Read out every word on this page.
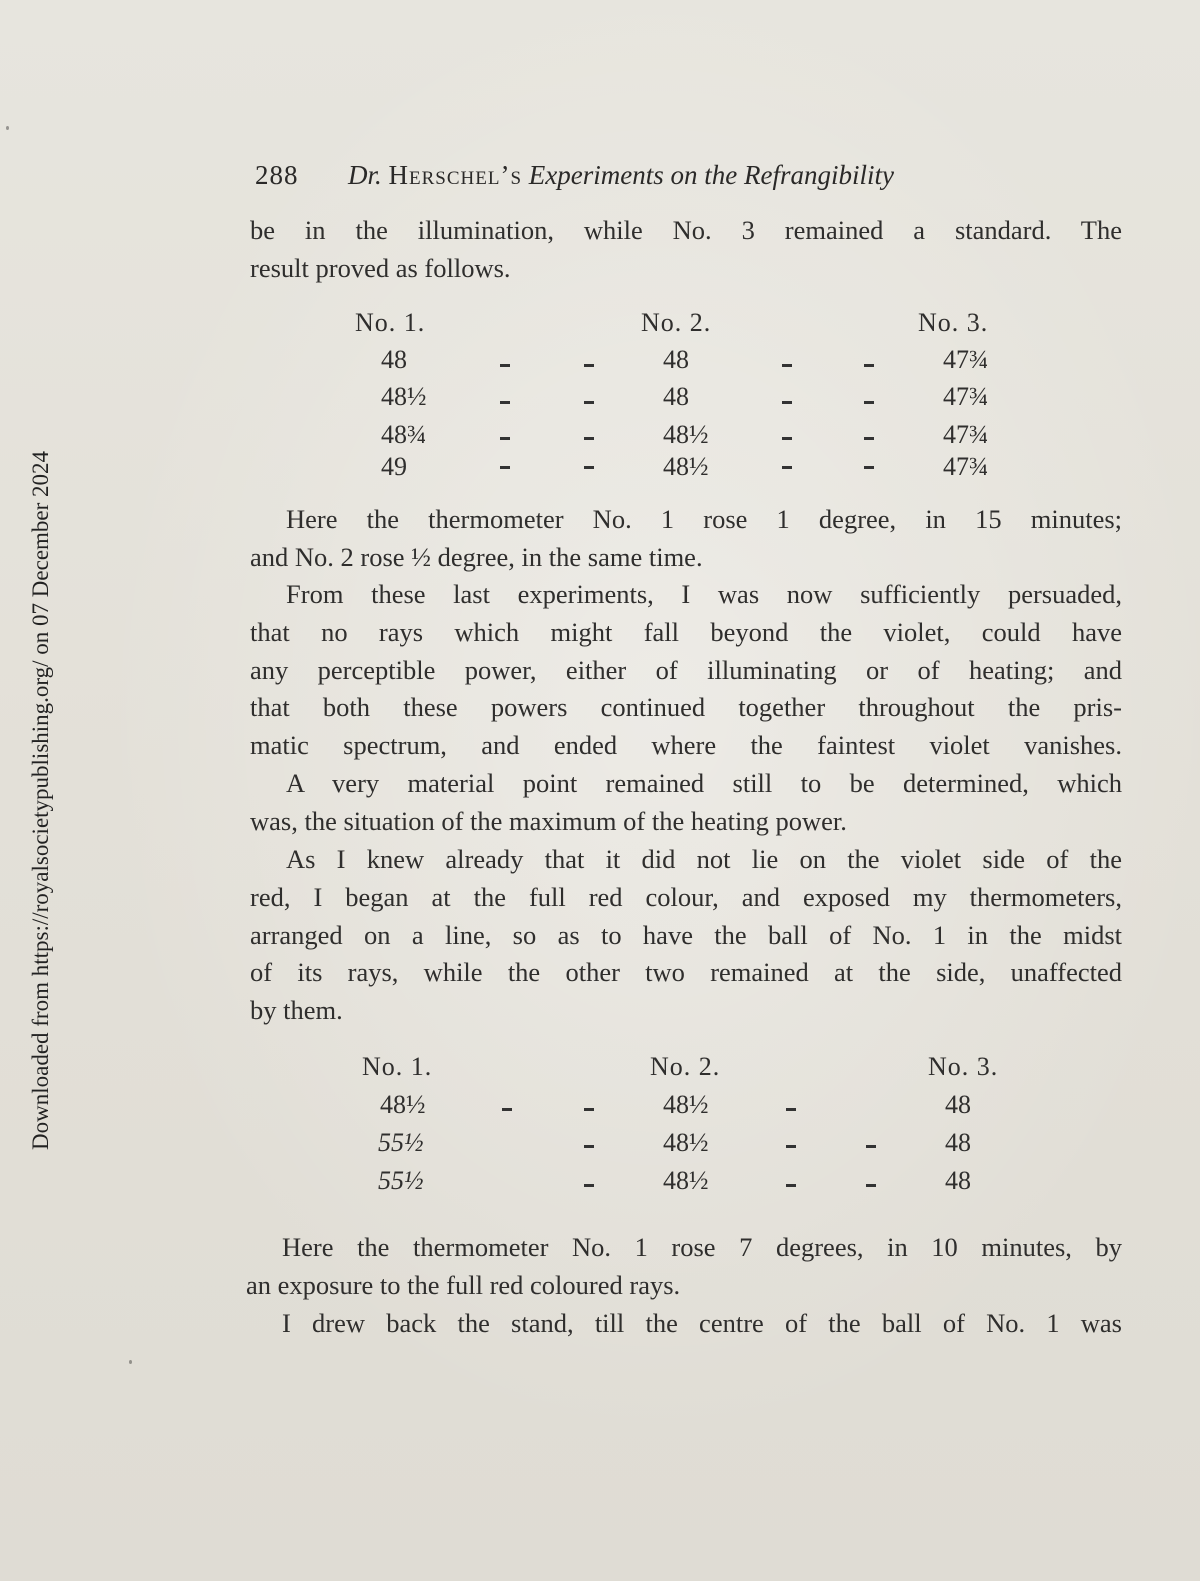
Downloaded from https://royalsocietypublishing.org/ on 07 December 2024
288 Dr. Herschel’s Experiments on the Refrangibility
be in the illumination, while No. 3 remained a standard. The
result proved as follows.
No. 1.	No. 2.	No. 3.
48	48	47¾
48½	48	47¾
48¾	48½	47¾
49	48½	47¾
Here the thermometer No. 1 rose 1 degree, in 15 minutes;
and No. 2 rose ½ degree, in the same time.
From these last experiments, I was now sufficiently persuaded,
that no rays which might fall beyond the violet, could have
any perceptible power, either of illuminating or of heating; and
that both these powers continued together throughout the pris-
matic spectrum, and ended where the faintest violet vanishes.
A very material point remained still to be determined, which
was, the situation of the maximum of the heating power.
As I knew already that it did not lie on the violet side of the
red, I began at the full red colour, and exposed my thermometers,
arranged on a line, so as to have the ball of No. 1 in the midst
of its rays, while the other two remained at the side, unaffected
by them.
No. 1.	No. 2.	No. 3.
48½	48½	48
55½	48½	48
55½	48½	48
Here the thermometer No. 1 rose 7 degrees, in 10 minutes, by
an exposure to the full red coloured rays.
I drew back the stand, till the centre of the ball of No. 1 was
